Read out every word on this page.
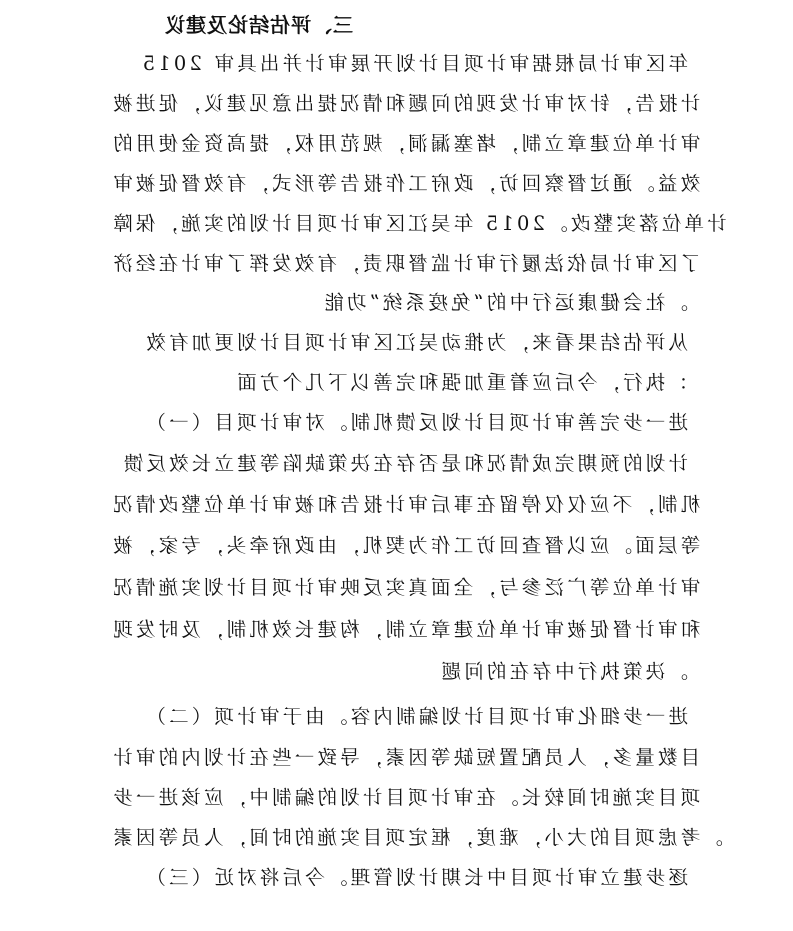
三、评估结论及建议
2015 年区审计局根据审计项目计划开展审计并出具审
计报告，针对审计发现的问题和情况提出意见建议，促进被
审计单位建章立制，堵塞漏洞，规范用权，提高资金使用的
效益。通过督察回访，政府工作报告等形式，有效督促被审
计单位落实整改。2015 年吴江区审计项目计划的实施，保障
了区审计局依法履行审计监督职责，有效发挥了审计在经济
社会健康运行中的“免疫系统”功能。
从评估结果看来，为推动吴江区审计项目计划更加有效
执行，今后应着重加强和完善以下几个方面：
（一）进一步完善审计项目计划反馈机制。对审计项目
计划的预期完成情况和是否存在决策缺陷等建立长效反馈
机制，不应仅仅停留在事后审计报告和被审计单位整改情况
等层面。应以督查回访工作为契机，由政府牵头，专家，被
审计单位等广泛参与，全面真实反映审计项目计划实施情况
和审计督促被审计单位建章立制，构建长效机制，及时发现
决策执行中存在的问题。
（二）进一步细化审计项目计划编制内容。由于审计项
目数量多，人员配置短缺等因素，导致一些在计划内的审计
项目实施时间较长。在审计项目计划的编制中，应该进一步
考虑项目的大小，难度，框定项目实施的时间，人员等因素。
（三）逐步建立审计项目中长期计划管理。今后将对近
